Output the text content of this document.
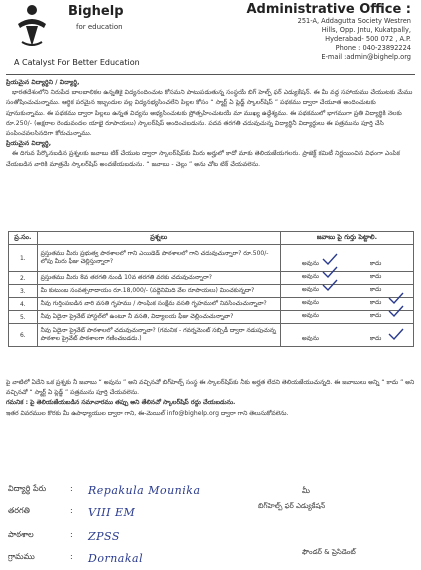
Bighelp
for education
A Catalyst For Better Education
Administrative Office :
251-A, Addagutta Society Westren
Hills, Opp. Jntu, Kukatpally,
Hyderabad- 500 072 , A.P.
Phone : 040-23892224
E-mail :admin@bighelp.org

ప్రియమైన విద్యార్థిని / విద్యార్థి,

భారతదేశంలోని నిరుపేద బాలబాలికల ఉన్నతికై విద్యనందించుట కోసమని పాటుపడుతున్న సంస్థయే బిగ్ హెల్ప్ ఫర్ ఎడ్యుకేషన్. ఈ మీ వద్ద సహాయము చేయుటకు మేము సంతోషించుచున్నాము. ఆర్థిక పరమైన ఇబ్బందుల వల్ల విద్యనభ్యసించలేని పిల్లల కోసం “ స్మార్ట్ ఏ ప్లెడ్జ్ స్కాలర్‌షిప్ ” పథకము ద్వారా చేయూత అందించుటకు పూనుకున్నాము. ఈ పథకము ద్వారా పిల్లలు ఉన్నత విద్యను అభ్యసించుటకు ప్రోత్సహించుటయే మా ముఖ్య ఉద్దేశ్యము. ఈ పథకములో భాగముగా ప్రతి విద్యార్థికి నెలకు రూ.250/- (అక్షరాల రెండువందల యాభై రూపాయలు) స్కాలర్‌షిప్ అందించబడును. పదవ తరగతి చదువుచున్న విద్యార్థినీ విద్యార్థులు ఈ పత్రమును పూర్తి చేసి పంపించవలసినదిగా కోరుచున్నాము.

ప్రియమైన విద్యార్థి,

ఈ దిగువ పేర్కొనబడిన ప్రశ్నలకు జవాబు టిక్ చేయుట ద్వారా స్కాలర్‌షిప్‌కు మీరు అర్హులో కాదో మాకు తెలియజేయగలరు. ప్రాజెక్ట్ కమిటీ నిర్ణయించిన విధంగా ఎంపిక చేయబడిన వారికి మాత్రమే స్కాలర్‌షిప్ అందజేయబడును. “ జవాబు - చెల్లు ” అను చోట టిక్ చేయవలెను.

ప్ర.సం.	ప్రశ్నలు	జవాబు పై గుర్తు పెట్టాలి.
1.	ప్రస్తుతము మీరు ప్రభుత్వ పాఠశాలలో గాని ఎయిడెడ్ పాఠశాలలో గాని చదువుచున్నారా? రూ.500/- లోపు మీరు ఫీజు చెల్లిస్తున్నారా?	అవును కాదు

2.	ప్రస్తుతము మీరు 8వ తరగతి నుండి 10వ తరగతి వరకు చదువుచున్నారా?	అవును కాదు

3.	మీ కుటుంబ సంవత్సరాదాయం రూ.18,000/- (పద్దెనిమిది వేల రూపాయలు) మించకున్నదా?	అవును కాదు

4.	నీవు గుర్తింపబడిన వారి వసతి గృహము / సాంఘిక సంక్షేమ వసతి గృహములో నివసించుచున్నావా?	అవును కాదు

5.	నీవు ఏదైనా ప్రైవేట్ హాస్టల్‌లో ఉంటూ నీ వసతి, విద్యాలయ ఫీజు చెల్లించుచున్నావా?	అవును కాదు

6.	నీవు ఏదైనా ప్రైవేట్ పాఠశాలలో చదువుచున్నావా? (గమనిక - గవర్నమెంట్ సబ్సిడీ ద్వారా నడుపుచున్న పాఠశాల ప్రైవేట్ పాఠశాలగా గణించబడదు.)	అవును కాదు

పై వాటిలో ఏదేని ఒక ప్రశ్నకు నీ జవాబు “ అవును ” అని వచ్చినచో బిగ్‌హెల్ప్ సంస్థ ఈ స్కాలర్‌షిప్‌కు నీకు అర్హత లేదని తెలియజేయుచున్నది. ఈ జవాబులు అన్ని “ కాదు ” అని వచ్చినచో “ స్మార్ట్ ఏ ప్లెడ్జ్ ” పత్రమును పూర్తి చేయవలెను.

గమనిక : పై తెలియజేయబడిన సమాచారము తప్పు అని తేలినచో స్కాలర్‌షిప్ రద్దు చేయబడును.

ఇతర వివరముల కొరకు మీ ఉపాధ్యాయుల ద్వారా గాని, ఈ-మెయిల్ info@bighelp.org ద్వారా గాని తెలుసుకోవలెను.

విద్యార్థి పేరు	: Repakula Mounika
తరగతి	: VIII EM
పాఠశాల	: ZPSS
గ్రామము	: Dornakal
మీ
బిగ్‌హెల్ప్ ఫర్ ఎడ్యుకేషన్
ఫౌండర్ & ప్రెసిడెంట్
